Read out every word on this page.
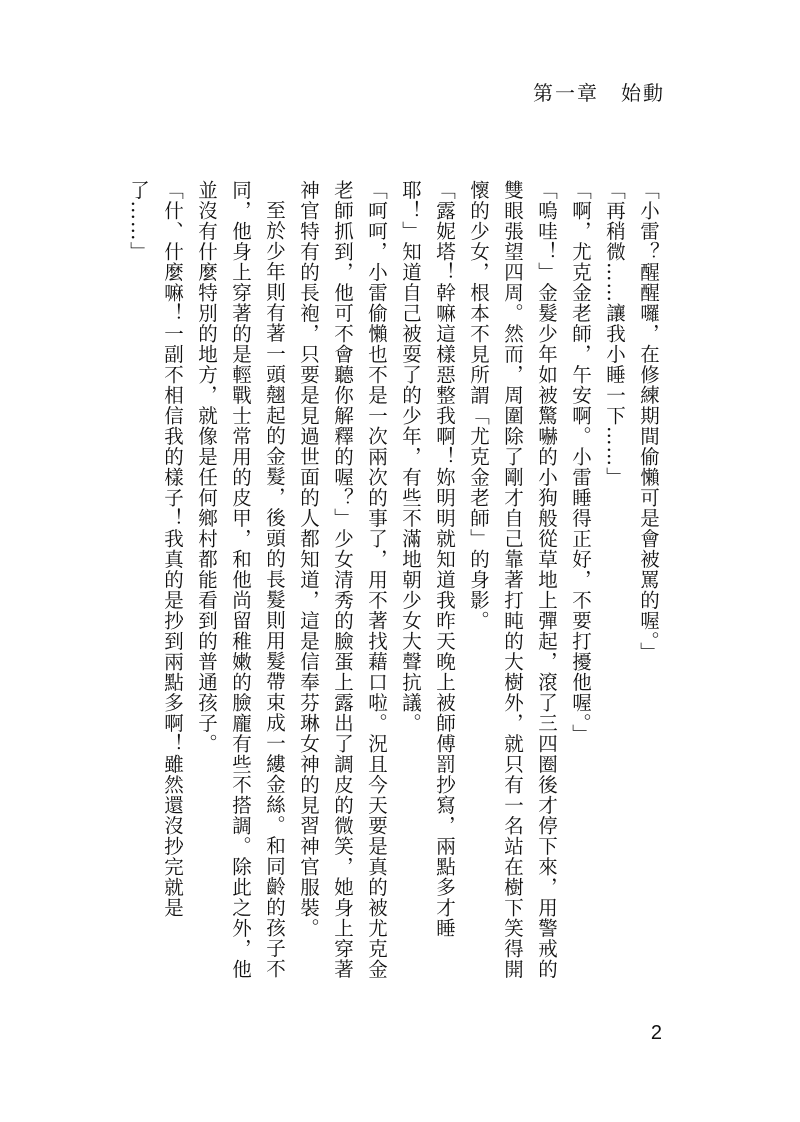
第一章　 始動

「小雷？醒醒囉，在修練期間偷懶可是會被罵的喔。」

「再稍微……讓我小睡一下……」

「啊，尤克金老師，午安啊。小雷睡得正好，不要打擾他喔。」

「嗚哇！」金髮少年如被驚嚇的小狗般從草地上彈起，滾了三四圈後才停下來，用警戒的雙眼張望四周。然而，周圍除了剛才自己靠著打盹的大樹外，就只有一名站在樹下笑得開懷的少女，根本不見所謂「尤克金老師」的身影。

「露妮塔！幹嘛這樣惡整我啊！妳明明就知道我昨天晚上被師傅罰抄寫，兩點多才睡耶！」知道自己被耍了的少年，有些不滿地朝少女大聲抗議。

「呵呵，小雷偷懶也不是一次兩次的事了，用不著找藉口啦。況且今天要是真的被尤克金老師抓到，他可不會聽你解釋的喔？」少女清秀的臉蛋上露出了調皮的微笑，她身上穿著神官特有的長袍，只要是見過世面的人都知道，這是信奉芬琳女神的見習神官服裝。

至於少年則有著一頭翹起的金髮，後頭的長髮則用髮帶束成一縷金絲。和同齡的孩子不同，他身上穿著的是輕戰士常用的皮甲，和他尚留稚嫩的臉龐有些不搭調。除此之外，他並沒有什麼特別的地方，就像是任何鄉村都能看到的普通孩子。

「什、什麼嘛！一副不相信我的樣子！我真的是抄到兩點多啊！雖然還沒抄完就是了……」

2
